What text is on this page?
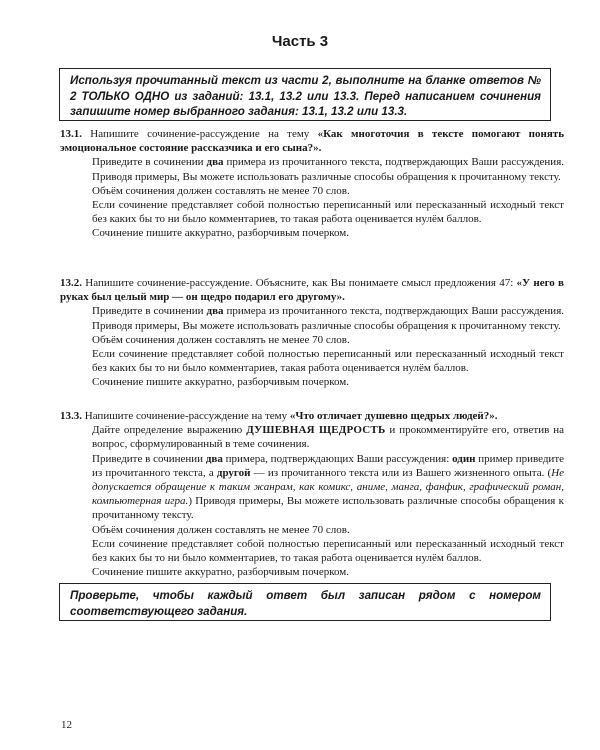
Часть 3
Используя прочитанный текст из части 2, выполните на бланке ответов № 2 ТОЛЬКО ОДНО из заданий: 13.1, 13.2 или 13.3. Перед написанием сочинения запишите номер выбранного задания: 13.1, 13.2 или 13.3.

13.1. Напишите сочинение-рассуждение на тему «Как многоточия в тексте помогают понять эмоциональное состояние рассказчика и его сына?».

Приведите в сочинении два примера из прочитанного текста, подтверждающих Ваши рассуждения. Приводя примеры, Вы можете использовать различные способы обращения к прочитанному тексту.

Объём сочинения должен составлять не менее 70 слов.

Если сочинение представляет собой полностью переписанный или пересказанный исходный текст без каких бы то ни было комментариев, то такая работа оценивается нулём баллов.

Сочинение пишите аккуратно, разборчивым почерком.

13.2. Напишите сочинение-рассуждение. Объясните, как Вы понимаете смысл предложения 47: «У него в руках был целый мир — он щедро подарил его другому».

Приведите в сочинении два примера из прочитанного текста, подтверждающих Ваши рассуждения. Приводя примеры, Вы можете использовать различные способы обращения к прочитанному тексту.

Объём сочинения должен составлять не менее 70 слов.

Если сочинение представляет собой полностью переписанный или пересказанный исходный текст без каких бы то ни было комментариев, такая работа оценивается нулём баллов.

Сочинение пишите аккуратно, разборчивым почерком.

13.3. Напишите сочинение-рассуждение на тему «Что отличает душевно щедрых людей?».

Дайте определение выражению ДУШЕВНАЯ ЩЕДРОСТЬ и прокомментируйте его, ответив на вопрос, сформулированный в теме сочинения.

Приведите в сочинении два примера, подтверждающих Ваши рассуждения: один пример приведите из прочитанного текста, а другой — из прочитанного текста или из Вашего жизненного опыта. (Не допускается обращение к таким жанрам, как комикс, аниме, манга, фанфик, графический роман, компьютерная игра.) Приводя примеры, Вы можете использовать различные способы обращения к прочитанному тексту.

Объём сочинения должен составлять не менее 70 слов.

Если сочинение представляет собой полностью переписанный или пересказанный исходный текст без каких бы то ни было комментариев, то такая работа оценивается нулём баллов.

Сочинение пишите аккуратно, разборчивым почерком.

Проверьте, чтобы каждый ответ был записан рядом с номером соответствующего задания.
12
